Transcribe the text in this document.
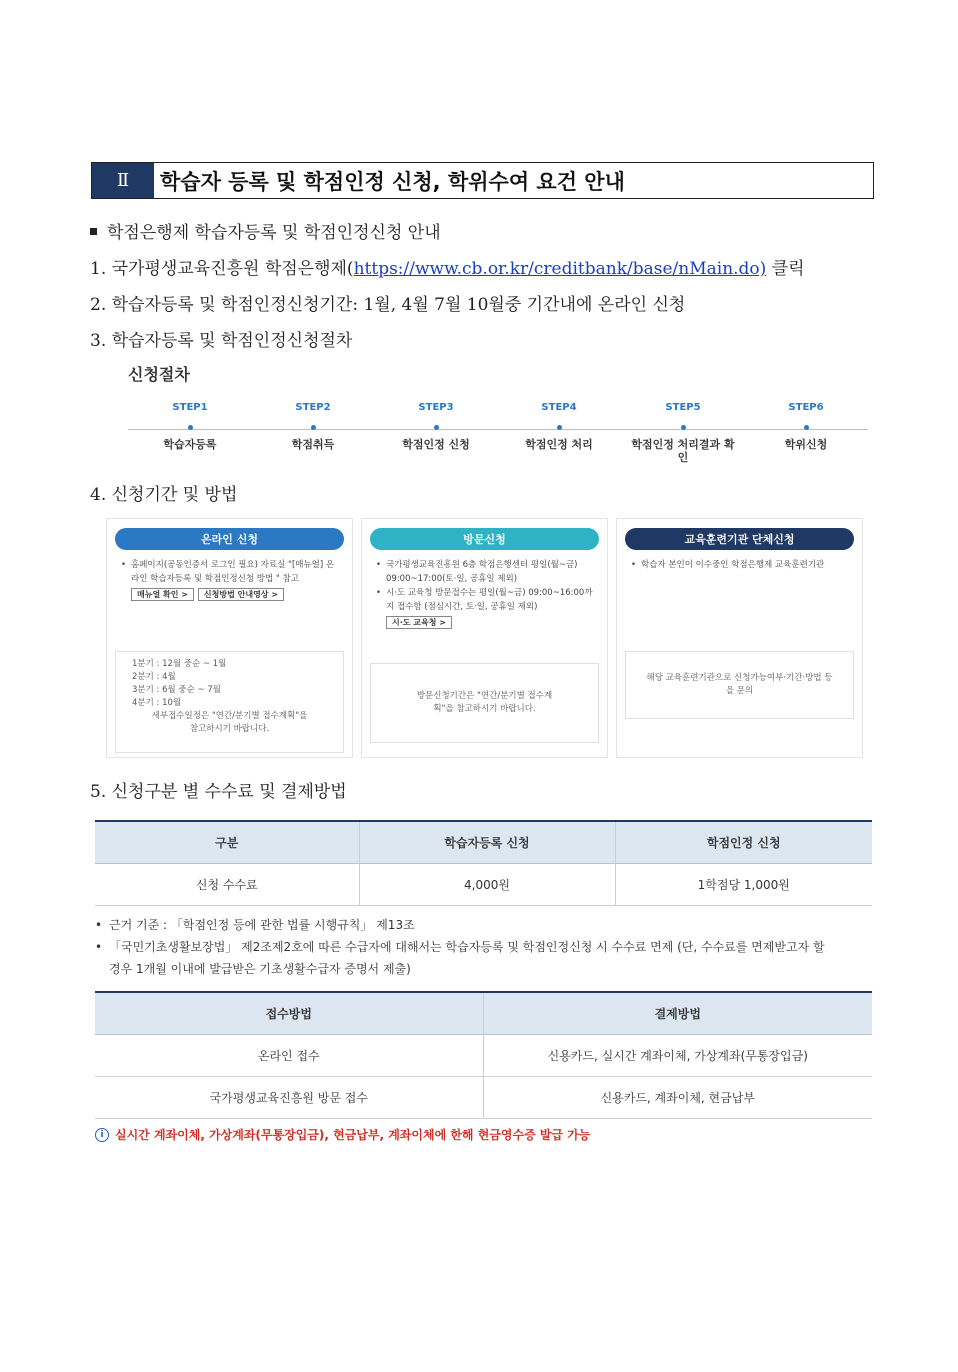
Ⅱ	학습자 등록 및 학점인정 신청, 학위수여 요건 안내
학점은행제 학습자등록 및 학점인정신청 안내
1. 국가평생교육진흥원 학점은행제(https://www.cb.or.kr/creditbank/base/nMain.do) 클릭
2. 학습자등록 및 학점인정신청기간: 1월, 4월 7월 10월중 기간내에 온라인 신청
3. 학습자등록 및 학점인정신청절차
신청절차
STEP1
학습자등록
STEP2
학점취득
STEP3
학점인정 신청
STEP4
학점인정 처리
STEP5
학점인정 처리결과 확인
STEP6
학위신청
4. 신청기간 및 방법
온라인 신청
• 홈페이지(공동인증서 로그인 필요) 자료실 "[매뉴얼] 온라인 학습자등록 및 학점인정신청 방법 " 참고
매뉴얼 확인 >	신청방법 안내영상 >
1분기 : 12월 중순 ~ 1월
2분기 : 4월
3분기 : 6월 중순 ~ 7월
4분기 : 10월
세부접수일정은 "연간/분기별 접수계획"을 참고하시기 바랍니다.
방문신청
• 국가평생교육진흥원 6층 학점은행센터 평일(월~금) 09:00~17:00(토·일, 공휴일 제외)
• 시·도 교육청 방문접수는 평일(월~금) 09:00~16:00까지 접수함 (점심시간, 토·일, 공휴일 제외)
시·도 교육청 >
방문신청기간은 "연간/분기별 접수계획"을 참고하시기 바랍니다.
교육훈련기관 단체신청
• 학습자 본인이 이수중인 학점은행제 교육훈련기관
해당 교육훈련기관으로 신청가능여부·기간·방법 등을 문의
5. 신청구분 별 수수료 및 결제방법
구분	학습자등록 신청	학점인정 신청
신청 수수료	4,000원	1학점당 1,000원
• 근거 기준 : 「학점인정 등에 관한 법률 시행규칙」 제13조
• 「국민기초생활보장법」 제2조제2호에 따른 수급자에 대해서는 학습자등록 및 학점인정신청 시 수수료 면제 (단, 수수료를 면제받고자 할
경우 1개월 이내에 발급받은 기초생활수급자 증명서 제출)
접수방법	결제방법
온라인 접수	신용카드, 실시간 계좌이체, 가상계좌(무통장입금)
국가평생교육진흥원 방문 접수	신용카드, 계좌이체, 현금납부
i 실시간 계좌이체, 가상계좌(무통장입금), 현금납부, 계좌이체에 한해 현금영수증 발급 가능
